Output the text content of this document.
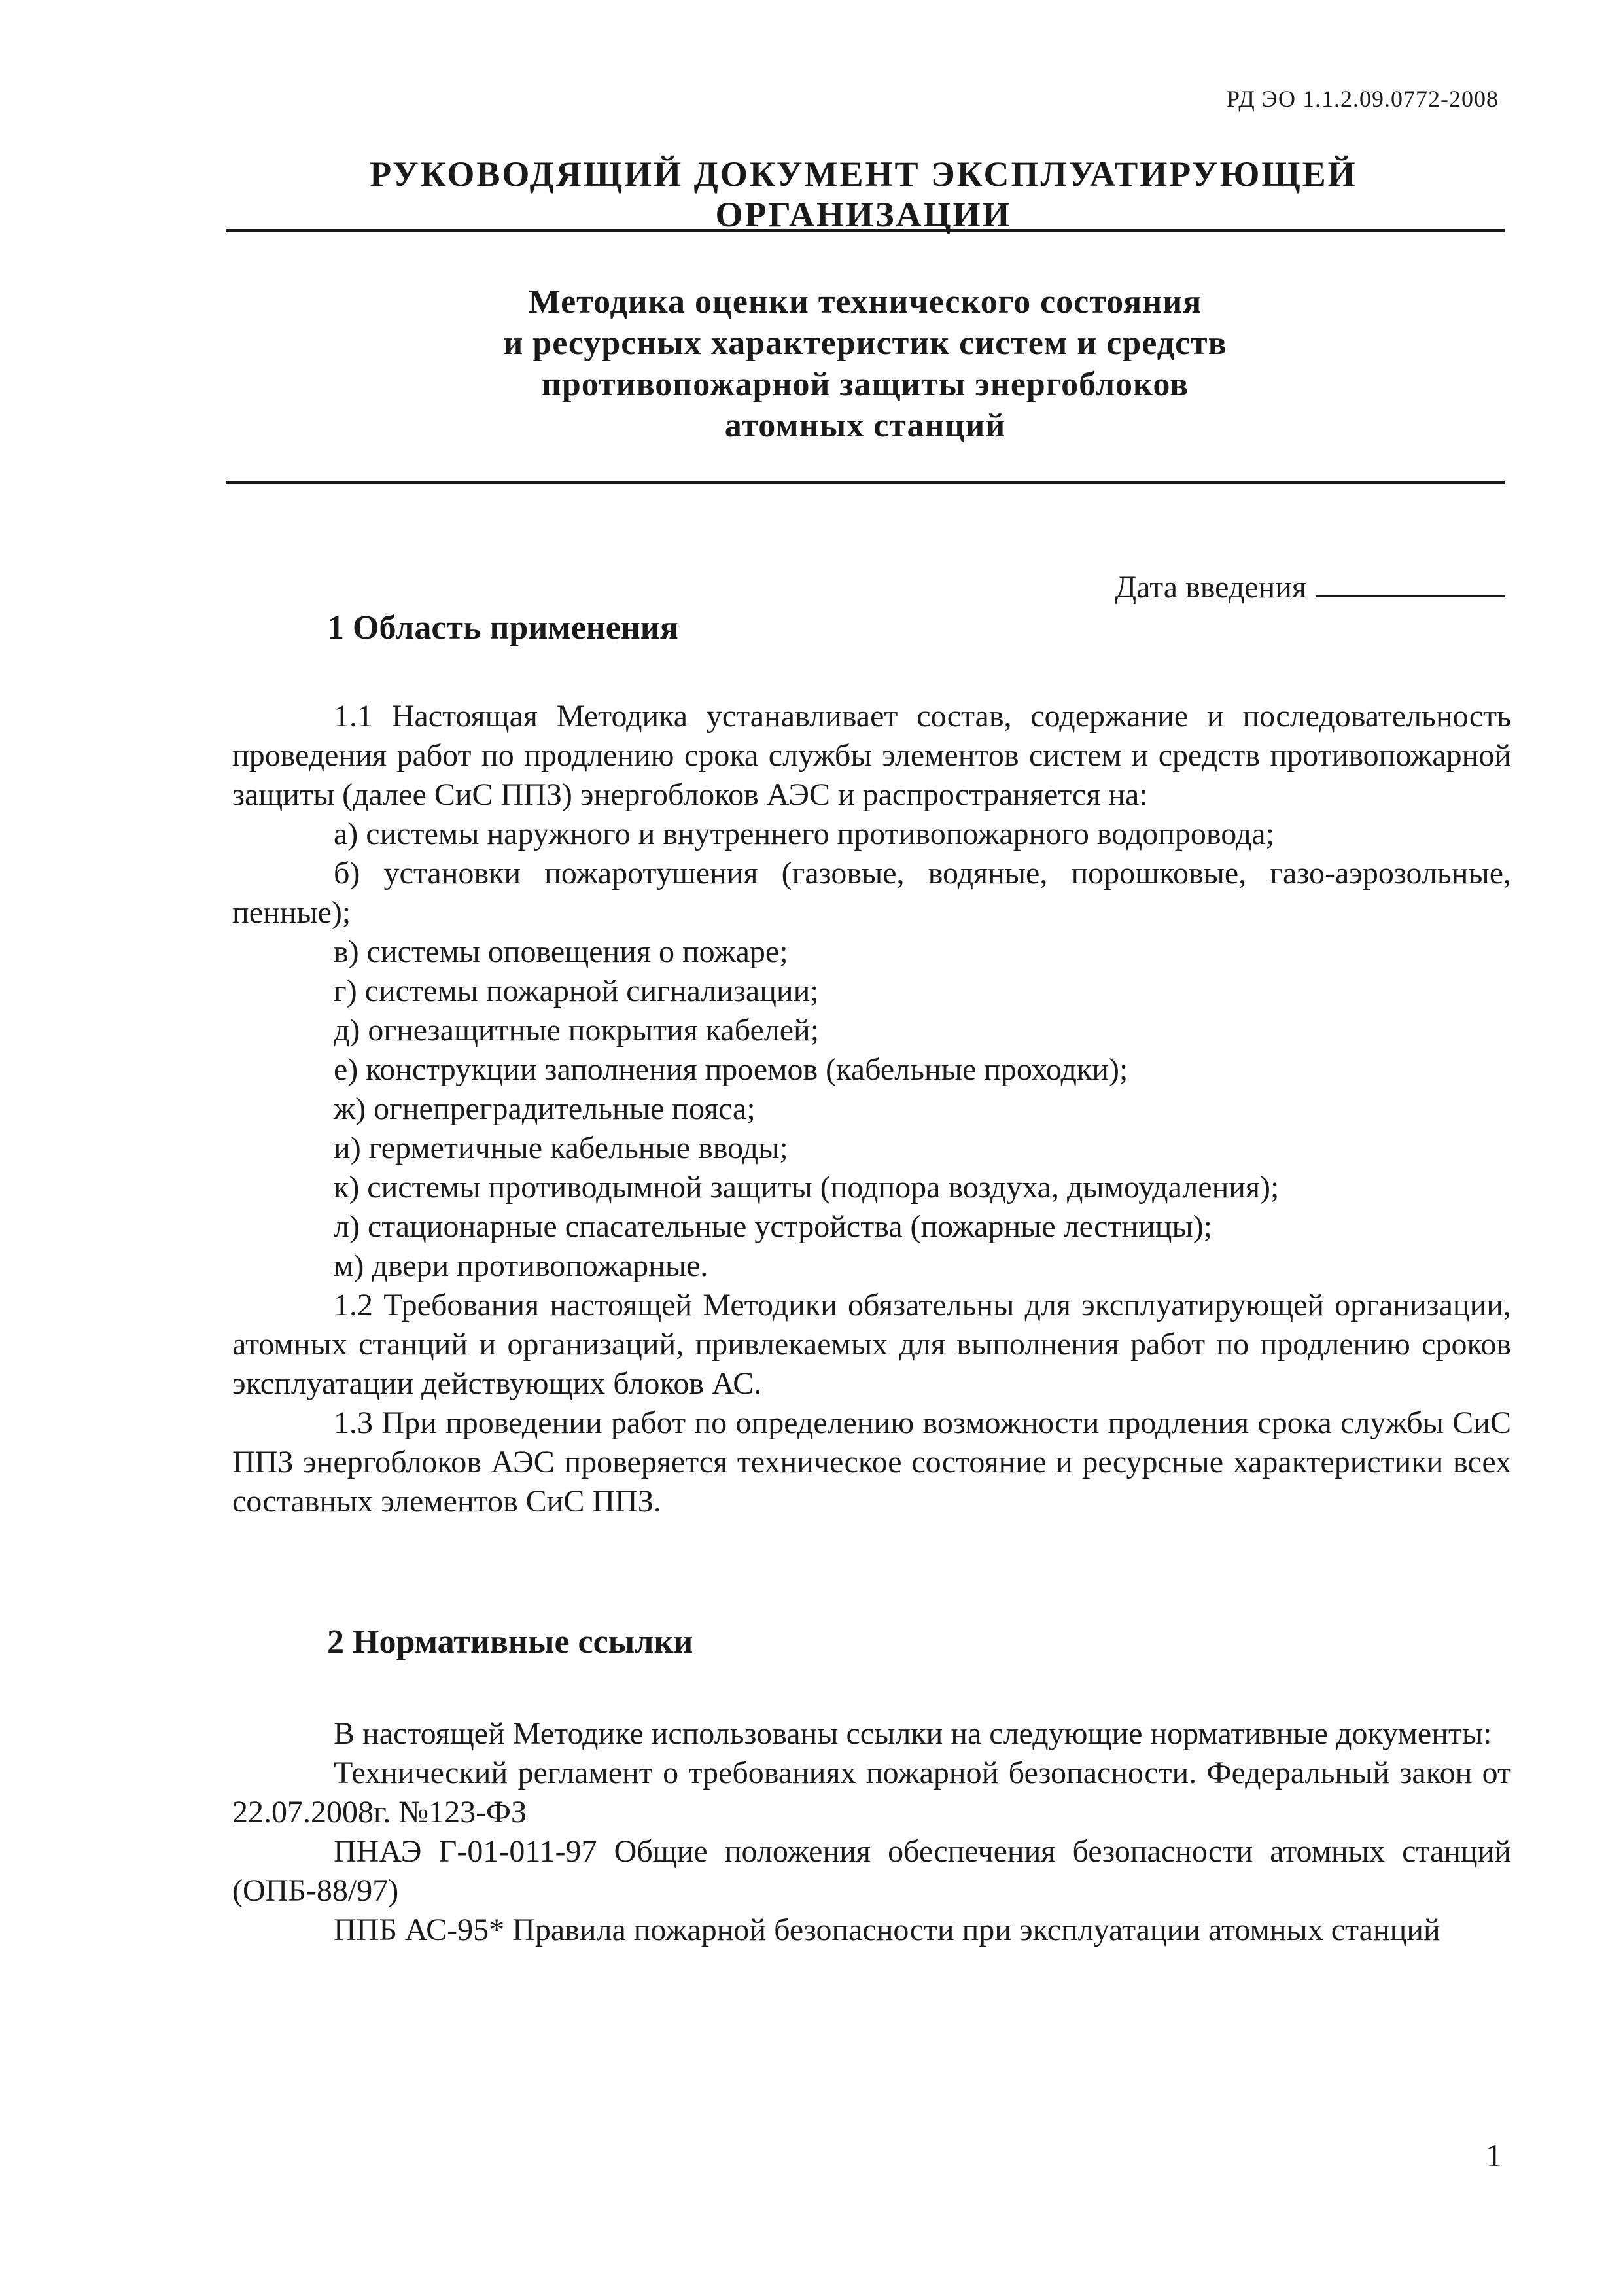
РД ЭО 1.1.2.09.0772-2008
РУКОВОДЯЩИЙ ДОКУМЕНТ ЭКСПЛУАТИРУЮЩЕЙ ОРГАНИЗАЦИИ
Методика оценки технического состояния
и ресурсных характеристик систем и средств
противопожарной защиты энергоблоков
атомных станций
Дата введения
1 Область применения
1.1 Настоящая Методика устанавливает состав, содержание и последовательность проведения работ по продлению срока службы элементов систем и средств противопожарной защиты (далее СиС ППЗ) энергоблоков АЭС и распространяется на:
а) системы наружного и внутреннего противопожарного водопровода;
б) установки пожаротушения (газовые, водяные, порошковые, газо-аэрозольные, пенные);
в) системы оповещения о пожаре;
г) системы пожарной сигнализации;
д) огнезащитные покрытия кабелей;
е) конструкции заполнения проемов (кабельные проходки);
ж) огнепреградительные пояса;
и) герметичные кабельные вводы;
к) системы противодымной защиты (подпора воздуха, дымоудаления);
л) стационарные спасательные устройства (пожарные лестницы);
м) двери противопожарные.
1.2 Требования настоящей Методики обязательны для эксплуатирующей организации, атомных станций и организаций, привлекаемых для выполнения работ по продлению сроков эксплуатации действующих блоков АС.
1.3 При проведении работ по определению возможности продления срока службы СиС ППЗ энергоблоков АЭС проверяется техническое состояние и ресурсные характеристики всех составных элементов СиС ППЗ.
2 Нормативные ссылки
В настоящей Методике использованы ссылки на следующие нормативные документы:
Технический регламент о требованиях пожарной безопасности. Федеральный закон от 22.07.2008г. №123-ФЗ
ПНАЭ Г-01-011-97 Общие положения обеспечения безопасности атомных станций (ОПБ-88/97)
ППБ АС-95* Правила пожарной безопасности при эксплуатации атомных станций
1
